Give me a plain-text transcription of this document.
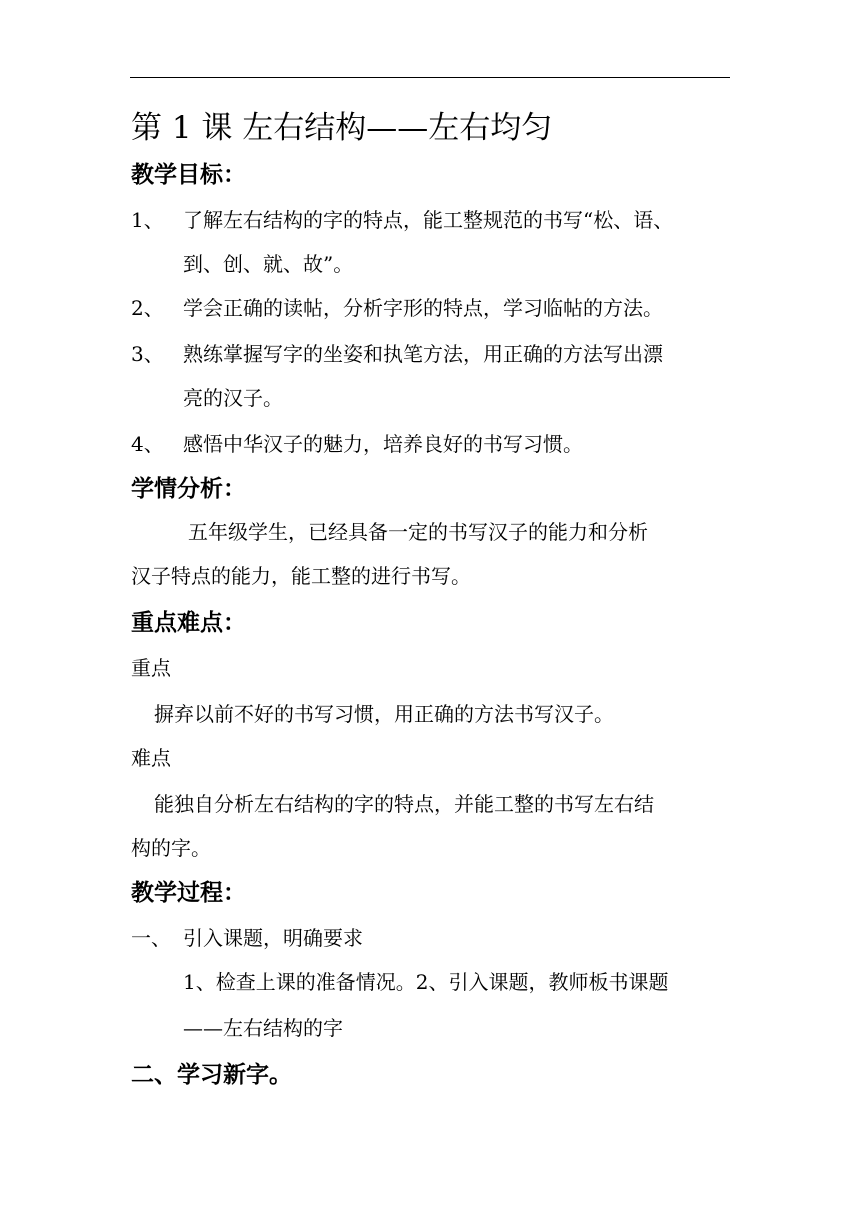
第 1 课 左右结构——左右均匀
教学目标：
1、 了解左右结构的字的特点，能工整规范的书写“松、语、
到、创、就、故”。
2、 学会正确的读帖，分析字形的特点，学习临帖的方法。
3、 熟练掌握写字的坐姿和执笔方法，用正确的方法写出漂
亮的汉子。
4、 感悟中华汉子的魅力，培养良好的书写习惯。
学情分析：
五年级学生，已经具备一定的书写汉子的能力和分析
汉子特点的能力，能工整的进行书写。
重点难点：
重点
摒弃以前不好的书写习惯，用正确的方法书写汉子。
难点
能独自分析左右结构的字的特点，并能工整的书写左右结
构的字。
教学过程：
一、 引入课题，明确要求
1、检查上课的准备情况。2、引入课题，教师板书课题
——左右结构的字
二、学习新字。
